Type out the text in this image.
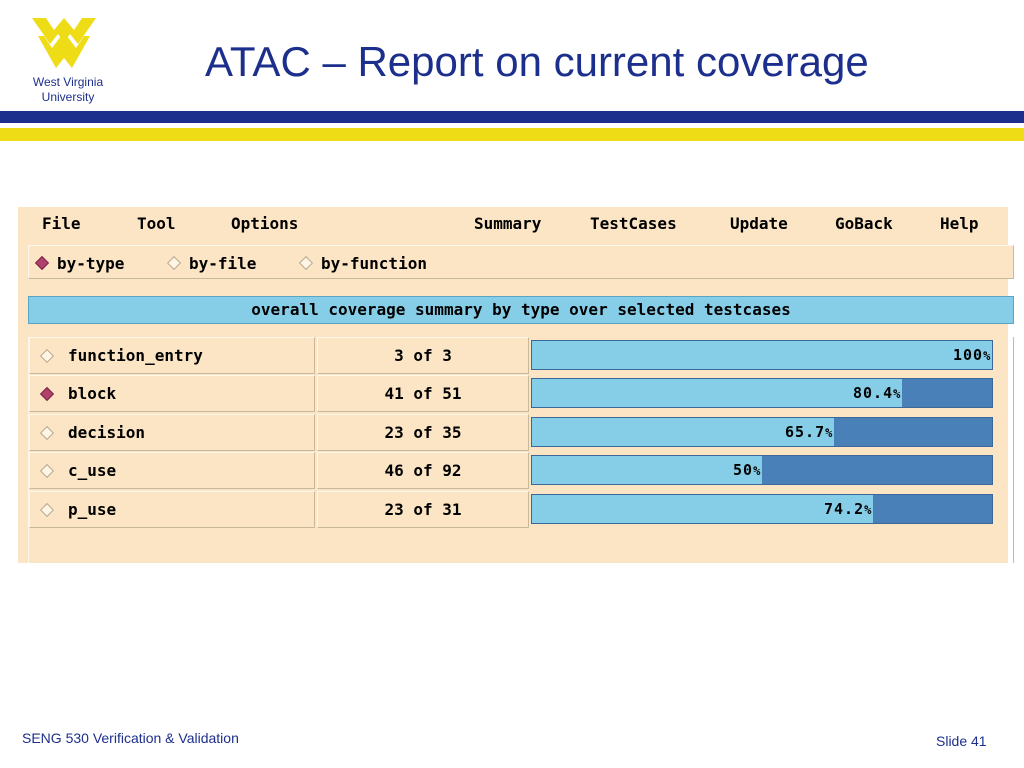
West Virginia
University
ATAC – Report on current coverage
File	Tool	Options	Summary	TestCases	Update	GoBack	Help
by-type	by-file	by-function
overall coverage summary by type over selected testcases
function_entry	3 of 3	100%
block	41 of 51	80.4%
decision	23 of 35	65.7%
c_use	46 of 92	50%
p_use	23 of 31	74.2%
SENG 530 Verification & Validation	Slide 41
